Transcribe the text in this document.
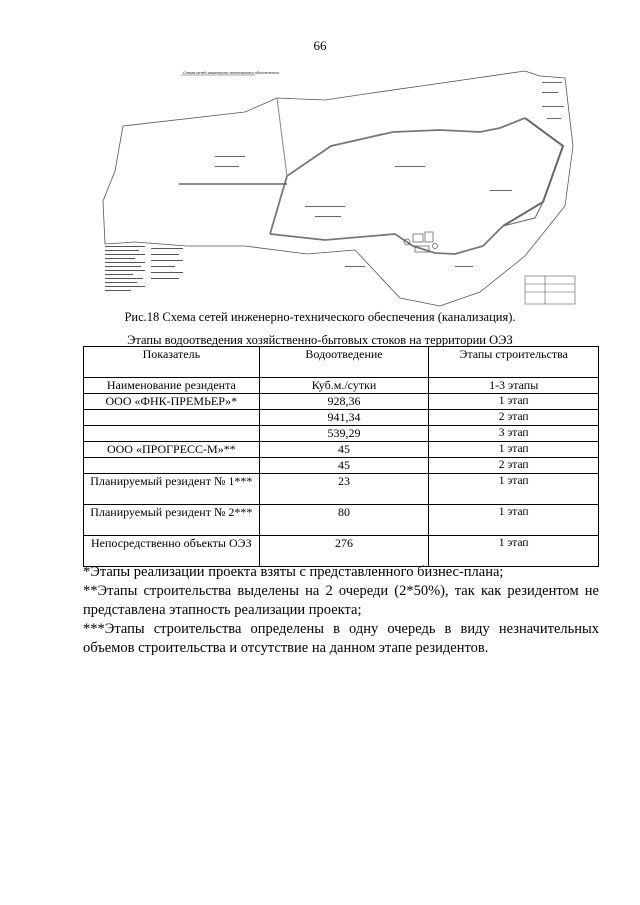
66
Схема сетей инженерно-технического обеспечения
Рис.18 Схема сетей инженерно-технического обеспечения (канализация).
Этапы водоотведения хозяйственно-бытовых стоков на территории ОЭЗ
Показатель	Водоотведение	Этапы строительства
Наименование резидента	Куб.м./сутки	1-3 этапы
ООО «ФНК-ПРЕМЬЕР»*	928,36	1 этап
	941,34	2 этап
	539,29	3 этап
ООО «ПРОГРЕСС-М»**	45	1 этап
	45	2 этап
Планируемый резидент № 1***	23	1 этап
Планируемый резидент № 2***	80	1 этап
Непосредственно объекты ОЭЗ	276	1 этап

*Этапы реализации проекта взяты с представленного бизнес-плана;

**Этапы строительства выделены на 2 очереди (2*50%), так как резидентом не представлена этапность реализации проекта;

***Этапы строительства определены в одну очередь в виду незначительных объемов строительства и отсутствие на данном этапе резидентов.
